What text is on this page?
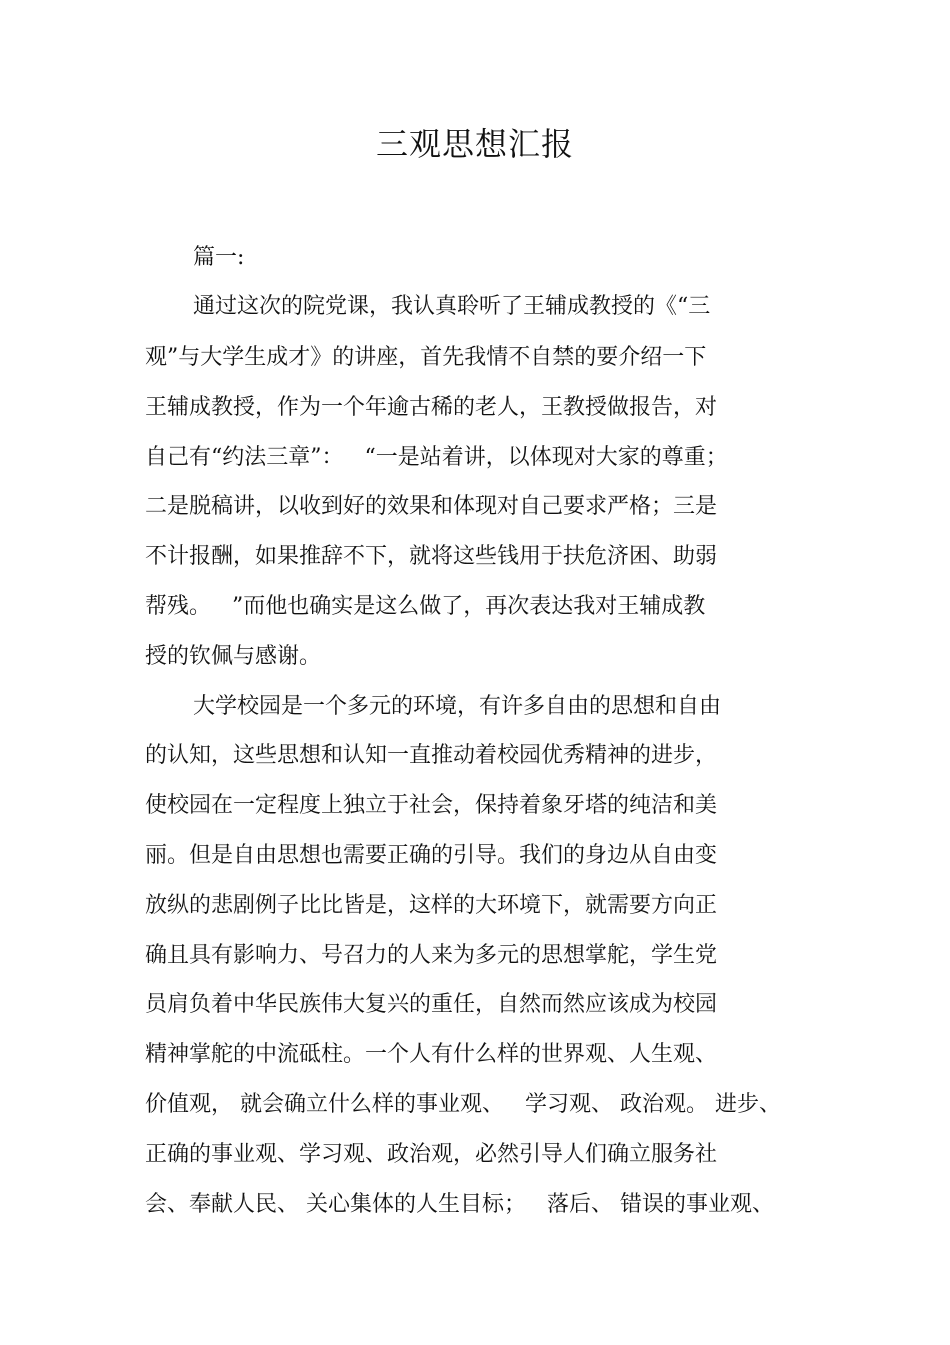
三观思想汇报
篇一:
通过这次的院党课，我认真聆听了王辅成教授的《“三
观”与大学生成才》的讲座，首先我情不自禁的要介绍一下
王辅成教授，作为一个年逾古稀的老人，王教授做报告，对
自己有“约法三章”：   “一是站着讲，以体现对大家的尊重；
二是脱稿讲，以收到好的效果和体现对自己要求严格；三是
不计报酬，如果推辞不下，就将这些钱用于扶危济困、助弱
帮残。   ”而他也确实是这么做了，再次表达我对王辅成教
授的钦佩与感谢。
大学校园是一个多元的环境，有许多自由的思想和自由
的认知，这些思想和认知一直推动着校园优秀精神的进步，
使校园在一定程度上独立于社会，保持着象牙塔的纯洁和美
丽。但是自由思想也需要正确的引导。我们的身边从自由变
放纵的悲剧例子比比皆是，这样的大环境下，就需要方向正
确且具有影响力、号召力的人来为多元的思想掌舵，学生党
员肩负着中华民族伟大复兴的重任，自然而然应该成为校园
精神掌舵的中流砥柱。一个人有什么样的世界观、人生观、
价值观， 就会确立什么样的事业观、   学习观、 政治观。 进步、
正确的事业观、学习观、政治观，必然引导人们确立服务社
会、奉献人民、 关心集体的人生目标；   落后、 错误的事业观、
